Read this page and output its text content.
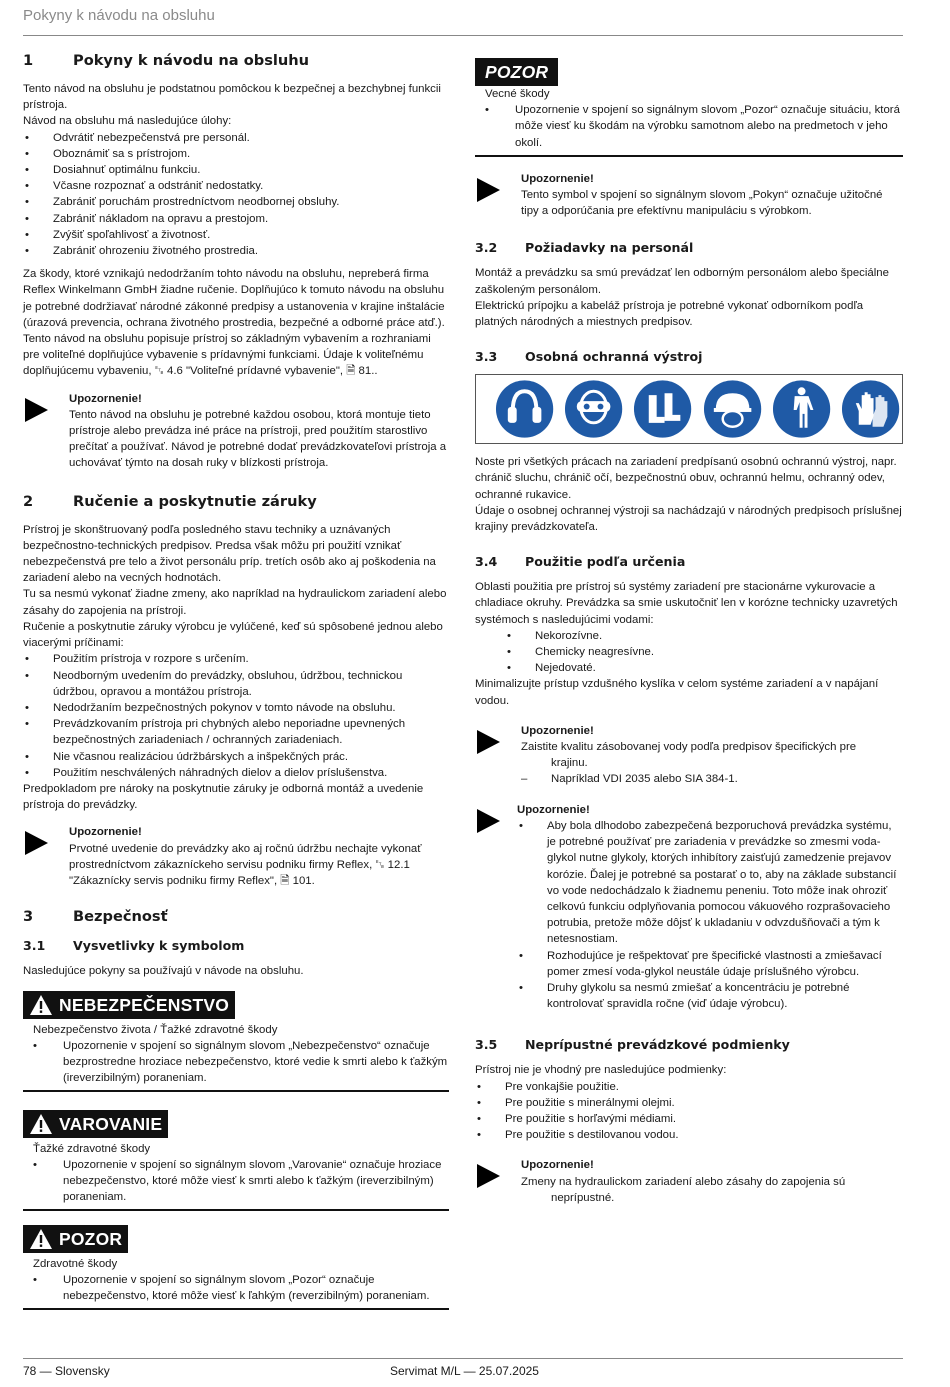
Pokyny k návodu na obsluhu
1	Pokyny k návodu na obsluhu

Tento návod na obsluhu je podstatnou pomôckou k bezpečnej a bezchybnej funkcii prístroja.

Návod na obsluhu má nasledujúce úlohy:

• Odvrátiť nebezpečenstvá pre personál.
• Oboznámiť sa s prístrojom.
• Dosiahnuť optimálnu funkciu.
• Včasne rozpoznať a odstrániť nedostatky.
• Zabrániť poruchám prostredníctvom neodbornej obsluhy.
• Zabrániť nákladom na opravu a prestojom.
• Zvýšiť spoľahlivosť a životnosť.
• Zabrániť ohrozeniu životného prostredia.

Za škody, ktoré vznikajú nedodržaním tohto návodu na obsluhu, nepreberá firma Reflex Winkelmann GmbH žiadne ručenie. Doplňujúco k tomuto návodu na obsluhu je potrebné dodržiavať národné zákonné predpisy a ustanovenia v krajine inštalácie (úrazová prevencia, ochrana životného prostredia, bezpečné a odborné práce atď.).

Tento návod na obsluhu popisuje prístroj so základným vybavením a rozhraniami pre voliteľné doplňujúce vybavenie s prídavnými funkciami. Údaje k voliteľnému doplňujúcemu vybaveniu, ␗ 4.6 "Voliteľné prídavné vybavenie", 🗎 81..

Upozornenie!

Tento návod na obsluhu je potrebné každou osobou, ktorá montuje tieto prístroje alebo prevádza iné práce na prístroji, pred použitím starostlivo prečítať a používať. Návod je potrebné dodať prevádzkovateľovi prístroja a uchovávať týmto na dosah ruky v blízkosti prístroja.

2	Ručenie a poskytnutie záruky

Prístroj je skonštruovaný podľa posledného stavu techniky a uznávaných bezpečnostno-technických predpisov. Predsa však môžu pri použití vznikať nebezpečenstvá pre telo a život personálu príp. tretích osôb ako aj poškodenia na zariadení alebo na vecných hodnotách.

Tu sa nesmú vykonať žiadne zmeny, ako napríklad na hydraulickom zariadení alebo zásahy do zapojenia na prístroji.

Ručenie a poskytnutie záruky výrobcu je vylúčené, keď sú spôsobené jednou alebo viacerými príčinami:

• Použitím prístroja v rozpore s určením.
• Neodborným uvedením do prevádzky, obsluhou, údržbou, technickou údržbou, opravou a montážou prístroja.
• Nedodržaním bezpečnostných pokynov v tomto návode na obsluhu.
• Prevádzkovaním prístroja pri chybných alebo neporiadne upevnených bezpečnostných zariadeniach / ochranných zariadeniach.
• Nie včasnou realizáciou údržbárskych a inšpekčných prác.
• Použitím neschválených náhradných dielov a dielov príslušenstva.

Predpokladom pre nároky na poskytnutie záruky je odborná montáž a uvedenie prístroja do prevádzky.

Upozornenie!

Prvotné uvedenie do prevádzky ako aj ročnú údržbu nechajte vykonať prostredníctvom zákazníckeho servisu podniku firmy Reflex, ␗ 12.1 "Zákaznícky servis podniku firmy Reflex", 🗎 101.

3	Bezpečnosť
3.1	Vysvetlivky k symbolom

Nasledujúce pokyny sa používajú v návode na obsluhu.

NEBEZPEČENSTVO

Nebezpečenstvo života / Ťažké zdravotné škody

• Upozornenie v spojení so signálnym slovom „Nebezpečenstvo“ označuje bezprostredne hroziace nebezpečenstvo, ktoré vedie k smrti alebo k ťažkým (ireverzibilným) poraneniam.
VAROVANIE

Ťažké zdravotné škody

• Upozornenie v spojení so signálnym slovom „Varovanie“ označuje hroziace nebezpečenstvo, ktoré môže viesť k smrti alebo k ťažkým (ireverzibilným) poraneniam.
POZOR

Zdravotné škody

• Upozornenie v spojení so signálnym slovom „Pozor“ označuje nebezpečenstvo, ktoré môže viesť k ľahkým (reverzibilným) poraneniam.
POZOR

Vecné škody

• Upozornenie v spojení so signálnym slovom „Pozor“ označuje situáciu, ktorá môže viesť ku škodám na výrobku samotnom alebo na predmetoch v jeho okolí.

Upozornenie!

Tento symbol v spojení so signálnym slovom „Pokyn“ označuje užitočné tipy a odporúčania pre efektívnu manipuláciu s výrobkom.

3.2	Požiadavky na personál

Montáž a prevádzku sa smú prevádzať len odborným personálom alebo špeciálne zaškoleným personálom.

Elektrickú prípojku a kabeláž prístroja je potrebné vykonať odborníkom podľa platných národných a miestnych predpisov.

3.3	Osobná ochranná výstroj

Noste pri všetkých prácach na zariadení predpísanú osobnú ochrannú výstroj, napr. chránič sluchu, chránič očí, bezpečnostnú obuv, ochrannú helmu, ochranný odev, ochranné rukavice.

Údaje o osobnej ochrannej výstroji sa nachádzajú v národných predpisoch príslušnej krajiny prevádzkovateľa.

3.4	Použitie podľa určenia

Oblasti použitia pre prístroj sú systémy zariadení pre stacionárne vykurovacie a chladiace okruhy. Prevádzka sa smie uskutočniť len v korózne technicky uzavretých systémoch s nasledujúcimi vodami:

• Nekorozívne.
• Chemicky neagresívne.
• Nejedovaté.

Minimalizujte prístup vzdušného kyslíka v celom systéme zariadení a v napájaní vodou.

Upozornenie!

Zaistite kvalitu zásobovanej vody podľa predpisov špecifických pre

krajinu.

– Napríklad VDI 2035 alebo SIA 384-1.

Upozornenie!

• Aby bola dlhodobo zabezpečená bezporuchová prevádzka systému, je potrebné používať pre zariadenia v prevádzke so zmesmi voda-glykol nutne glykoly, ktorých inhibítory zaisťujú zamedzenie prejavov korózie. Ďalej je potrebné sa postarať o to, aby na základe substancií vo vode nedochádzalo k žiadnemu peneniu. Toto môže inak ohroziť celkovú funkciu odplyňovania pomocou vákuového rozprašovacieho potrubia, pretože môže dôjsť k ukladaniu v odvzdušňovači a tým k netesnostiam.
• Rozhodujúce je rešpektovať pre špecifické vlastnosti a zmiešavací pomer zmesí voda-glykol neustále údaje príslušného výrobcu.
• Druhy glykolu sa nesmú zmiešať a koncentráciu je potrebné kontrolovať spravidla ročne (viď údaje výrobcu).
3.5	Neprípustné prevádzkové podmienky

Prístroj nie je vhodný pre nasledujúce podmienky:

• Pre vonkajšie použitie.
• Pre použitie s minerálnymi olejmi.
• Pre použitie s horľavými médiami.
• Pre použitie s destilovanou vodou.

Upozornenie!

Zmeny na hydraulickom zariadení alebo zásahy do zapojenia sú

neprípustné.

78 — Slovensky	Servimat M/L — 25.07.2025
